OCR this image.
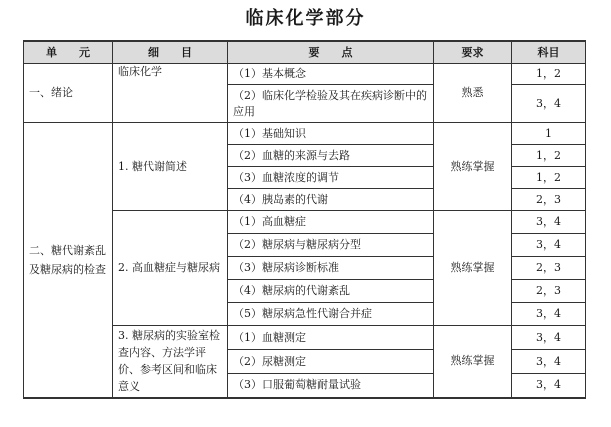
临床化学部分
单　　元	细　　目	要　　点	要求	科目
一、绪论	临床化学	（1）基本概念	熟悉	1，2
		（2）临床化学检验及其在疾病诊断中的应用		3，4
二、糖代谢紊乱及糖尿病的检查	1. 糖代谢简述	（1）基础知识	熟练掌握	1
		（2）血糖的来源与去路		1，2
		（3）血糖浓度的调节		1，2
		（4）胰岛素的代谢		2，3
	2. 高血糖症与糖尿病	（1）高血糖症	熟练掌握	3，4
		（2）糖尿病与糖尿病分型		3，4
		（3）糖尿病诊断标准		2，3
		（4）糖尿病的代谢紊乱		2，3
		（5）糖尿病急性代谢合并症		3，4
	3. 糖尿病的实验室检查内容、方法学评价、参考区间和临床意义	（1）血糖测定	熟练掌握	3，4
		（2）尿糖测定		3，4
		（3）口服葡萄糖耐量试验		3，4
